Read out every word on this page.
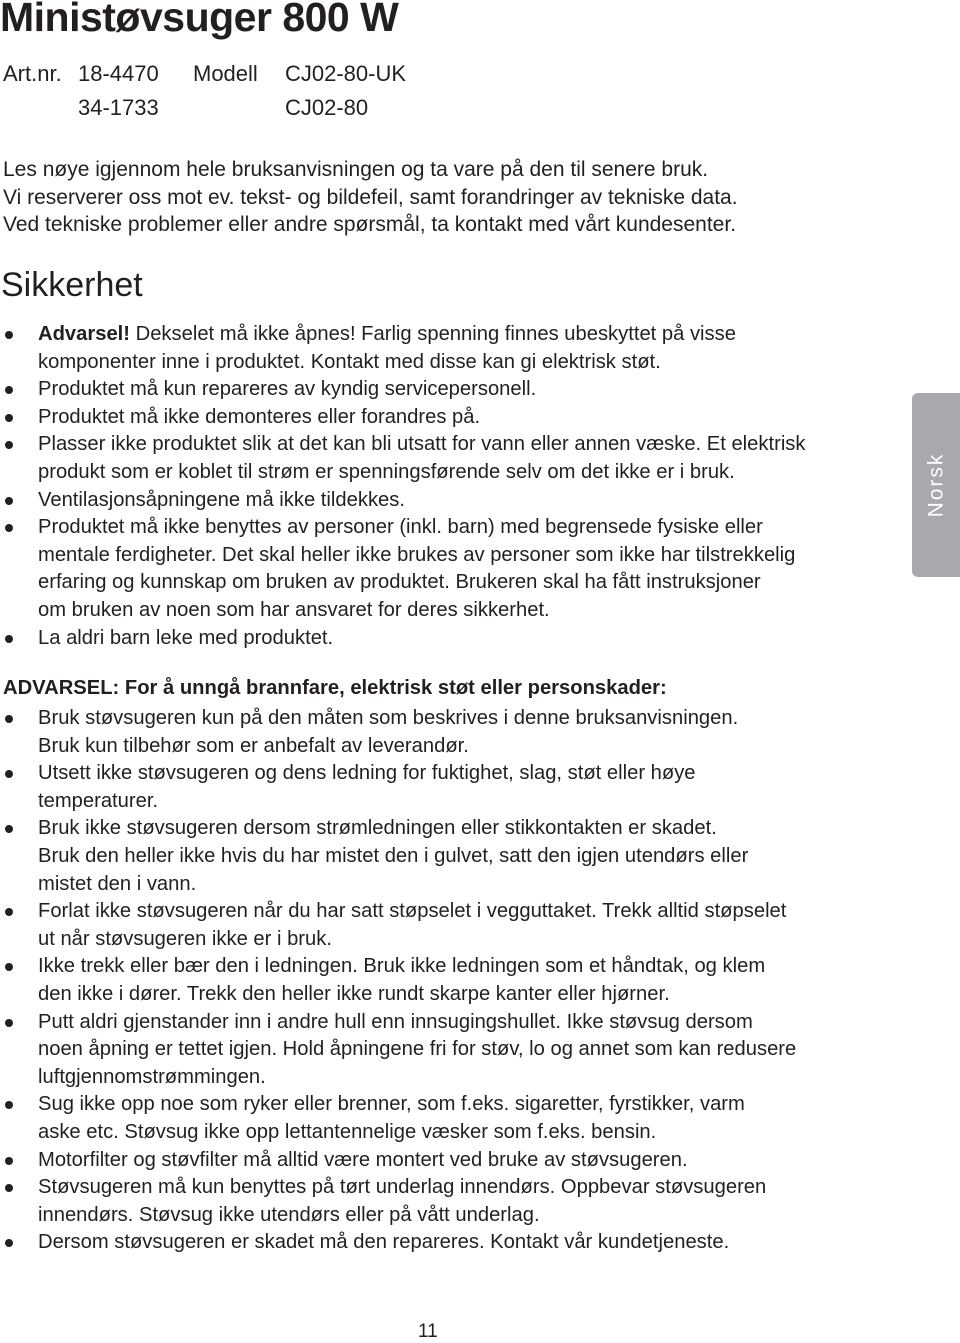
Ministøvsuger 800 W
Art.nr. 18-4470 Modell CJ02-80-UK
34-1733	CJ02-80
Les nøye igjennom hele bruksanvisningen og ta vare på den til senere bruk.
Vi reserverer oss mot ev. tekst- og bildefeil, samt forandringer av tekniske data.
Ved tekniske problemer eller andre spørsmål, ta kontakt med vårt kundesenter.
Sikkerhet
Advarsel! Dekselet må ikke åpnes! Farlig spenning finnes ubeskyttet på visse
komponenter inne i produktet. Kontakt med disse kan gi elektrisk støt.
Produktet må kun repareres av kyndig servicepersonell.
Produktet må ikke demonteres eller forandres på.
Plasser ikke produktet slik at det kan bli utsatt for vann eller annen væske. Et elektrisk
produkt som er koblet til strøm er spenningsførende selv om det ikke er i bruk.
Ventilasjonsåpningene må ikke tildekkes.
Produktet må ikke benyttes av personer (inkl. barn) med begrensede fysiske eller
mentale ferdigheter. Det skal heller ikke brukes av personer som ikke har tilstrekkelig
erfaring og kunnskap om bruken av produktet. Brukeren skal ha fått instruksjoner
om bruken av noen som har ansvaret for deres sikkerhet.
La aldri barn leke med produktet.
ADVARSEL: For å unngå brannfare, elektrisk støt eller personskader:
Bruk støvsugeren kun på den måten som beskrives i denne bruksanvisningen.
Bruk kun tilbehør som er anbefalt av leverandør.
Utsett ikke støvsugeren og dens ledning for fuktighet, slag, støt eller høye
temperaturer.
Bruk ikke støvsugeren dersom strømledningen eller stikkontakten er skadet.
Bruk den heller ikke hvis du har mistet den i gulvet, satt den igjen utendørs eller
mistet den i vann.
Forlat ikke støvsugeren når du har satt støpselet i vegguttaket. Trekk alltid støpselet
ut når støvsugeren ikke er i bruk.
Ikke trekk eller bær den i ledningen. Bruk ikke ledningen som et håndtak, og klem
den ikke i dører. Trekk den heller ikke rundt skarpe kanter eller hjørner.
Putt aldri gjenstander inn i andre hull enn innsugingshullet. Ikke støvsug dersom
noen åpning er tettet igjen. Hold åpningene fri for støv, lo og annet som kan redusere
luftgjennomstrømmingen.
Sug ikke opp noe som ryker eller brenner, som f.eks. sigaretter, fyrstikker, varm
aske etc. Støvsug ikke opp lettantennelige væsker som f.eks. bensin.
Motorfilter og støvfilter må alltid være montert ved bruke av støvsugeren.
Støvsugeren må kun benyttes på tørt underlag innendørs. Oppbevar støvsugeren
innendørs. Støvsug ikke utendørs eller på vått underlag.
Dersom støvsugeren er skadet må den repareres. Kontakt vår kundetjeneste.
Norsk
11
